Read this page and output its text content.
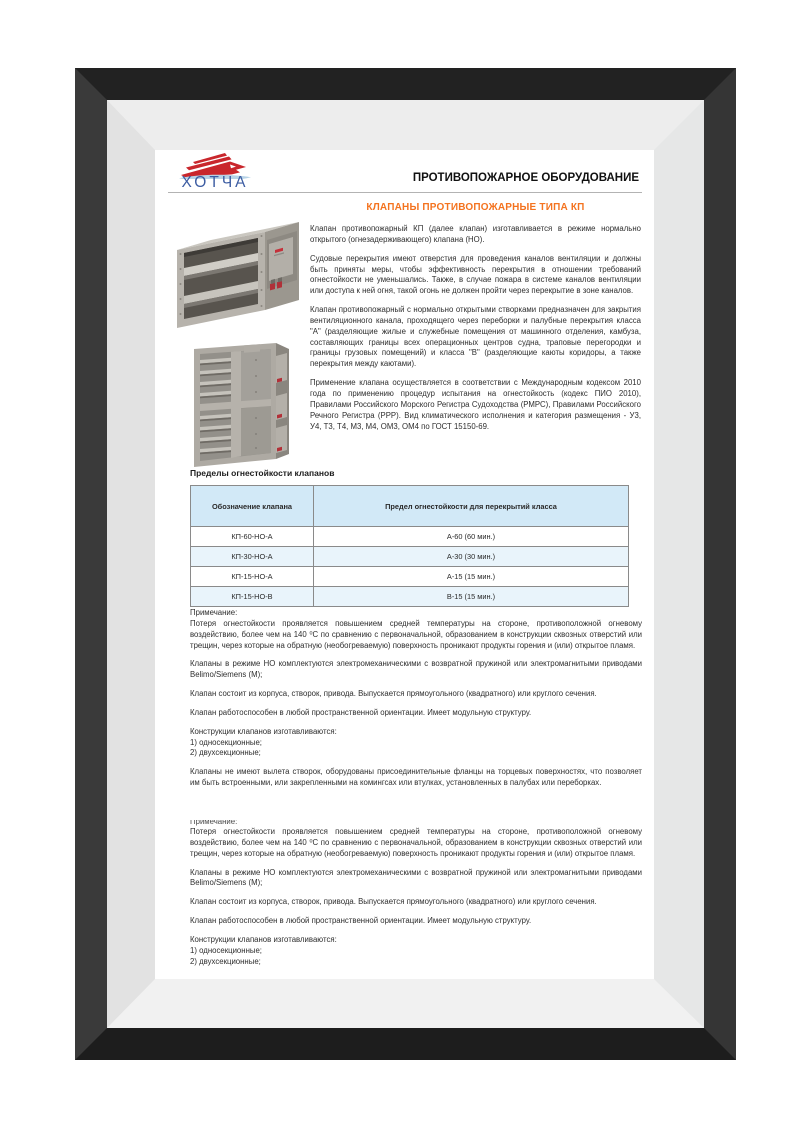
ПРОТИВОПОЖАРНОЕ ОБОРУДОВАНИЕ
ХОТЧА
КЛАПАНЫ ПРОТИВОПОЖАРНЫЕ ТИПА КП

Клапан противопожарный КП (далее клапан) изготавливается в режиме нормально открытого (огнезадерживающего) клапана (НО).

Судовые перекрытия имеют отверстия для проведения каналов вентиляции и должны быть приняты меры, чтобы эффективность перекрытия в отношении требований огнестойкости не уменьшались. Также, в случае пожара в системе каналов вентиляции или доступа к ней огня, такой огонь не должен пройти через перекрытие в зоне каналов.

Клапан противопожарный с нормально открытыми створками предназначен для закрытия вентиляционного канала, проходящего через переборки и палубные перекрытия класса "А" (разделяющие жилые и служебные помещения от машинного отделения, камбуза, составляющих границы всех операционных центров судна, траповые перегородки и границы грузовых помещений) и класса "В" (разделяющие каюты коридоры, а также перекрытия между каютами).

Применение клапана осуществляется в соответствии с Международным кодексом 2010 года по применению процедур испытания на огнестойкость (кодекс ПИО 2010), Правилами Российского Морского Регистра Судоходства (РМРС), Правилами Российского Речного Регистра (РРР). Вид климатического исполнения и категория размещения - У3, У4, Т3, Т4, М3, М4, ОМ3, ОМ4 по ГОСТ 15150-69.

Пределы огнестойкости клапанов

Обозначение клапана	Предел огнестойкости для перекрытий класса
КП-60-НО-А	А-60 (60 мин.)
КП-30-НО-А	А-30 (30 мин.)
КП-15-НО-А	А-15 (15 мин.)
КП-15-НО-В	В-15 (15 мин.)

Примечание:

Потеря огнестойкости проявляется повышением средней температуры на стороне, противоположной огневому воздействию, более чем на 140 ⁰С по сравнению с первоначальной, образованием в конструкции сквозных отверстий или трещин, через которые на обратную (необогреваемую) поверхность проникают продукты горения и (или) открытое пламя.

Клапаны в режиме НО комплектуются электромеханическими с возвратной пружиной или электромагнитыми приводами Belimo/Siemens (М);

Клапан состоит из корпуса, створок, привода. Выпускается прямоугольного (квадратного) или круглого сечения.

Клапан работоспособен в любой пространственной ориентации. Имеет модульную структуру.

Конструкции клапанов изготавливаются:

1) односекционные;

2) двухсекционные;

Клапаны не имеют вылета створок, оборудованы присоединительные фланцы на торцевых поверхностях, что позволяет им быть встроенными, или закрепленными на комингсах или втулках, установленных в палубах или переборках.

Примечание:

Потеря огнестойкости проявляется повышением средней температуры на стороне, противоположной огневому воздействию, более чем на 140 ⁰С по сравнению с первоначальной, образованием в конструкции сквозных отверстий или трещин, через которые на обратную (необогреваемую) поверхность проникают продукты горения и (или) открытое пламя.

Клапаны в режиме НО комплектуются электромеханическими с возвратной пружиной или электромагнитыми приводами Belimo/Siemens (М);

Клапан состоит из корпуса, створок, привода. Выпускается прямоугольного (квадратного) или круглого сечения.

Клапан работоспособен в любой пространственной ориентации. Имеет модульную структуру.

Конструкции клапанов изготавливаются:

1) односекционные;

2) двухсекционные;
